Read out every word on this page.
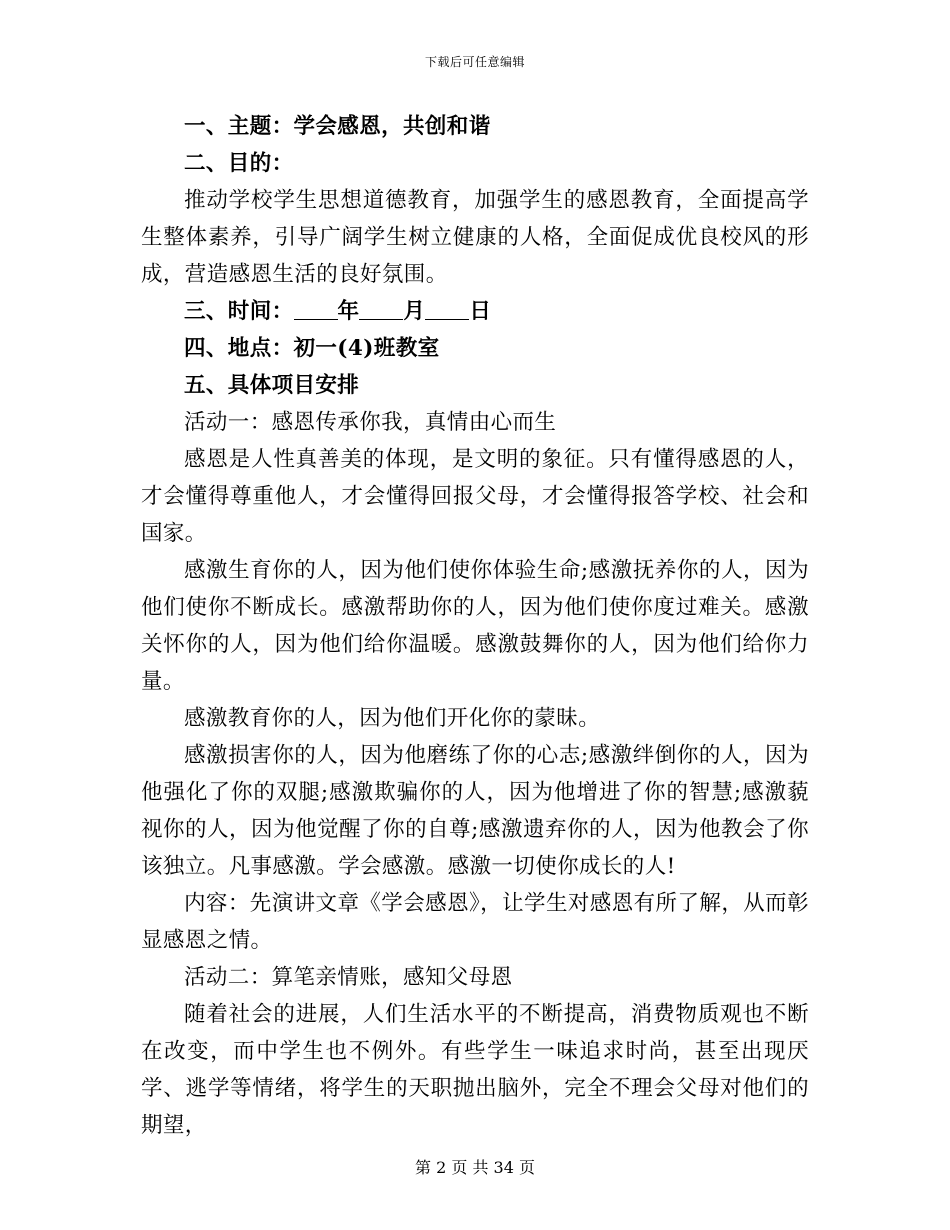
下载后可任意编辑

一、主题：学会感恩，共创和谐

二、目的：

推动学校学生思想道德教育，加强学生的感恩教育，全面提高学生整体素养，引导广阔学生树立健康的人格，全面促成优良校风的形成，营造感恩生活的良好氛围。

三、时间： 年 月 日

四、地点：初一(4)班教室

五、具体项目安排

活动一：感恩传承你我，真情由心而生

感恩是人性真善美的体现，是文明的象征。只有懂得感恩的人，才会懂得尊重他人，才会懂得回报父母，才会懂得报答学校、社会和国家。

感激生育你的人，因为他们使你体验生命;感激抚养你的人，因为他们使你不断成长。感激帮助你的人，因为他们使你度过难关。感激关怀你的人，因为他们给你温暖。感激鼓舞你的人，因为他们给你力量。

感激教育你的人，因为他们开化你的蒙昧。

感激损害你的人，因为他磨练了你的心志;感激绊倒你的人，因为他强化了你的双腿;感激欺骗你的人，因为他增进了你的智慧;感激藐视你的人，因为他觉醒了你的自尊;感激遗弃你的人，因为他教会了你该独立。凡事感激。学会感激。感激一切使你成长的人!

内容：先演讲文章《学会感恩》，让学生对感恩有所了解，从而彰显感恩之情。

活动二：算笔亲情账，感知父母恩

随着社会的进展，人们生活水平的不断提高，消费物质观也不断在改变，而中学生也不例外。有些学生一味追求时尚，甚至出现厌学、逃学等情绪，将学生的天职抛出脑外，完全不理会父母对他们的期望，

第 2 页 共 34 页
